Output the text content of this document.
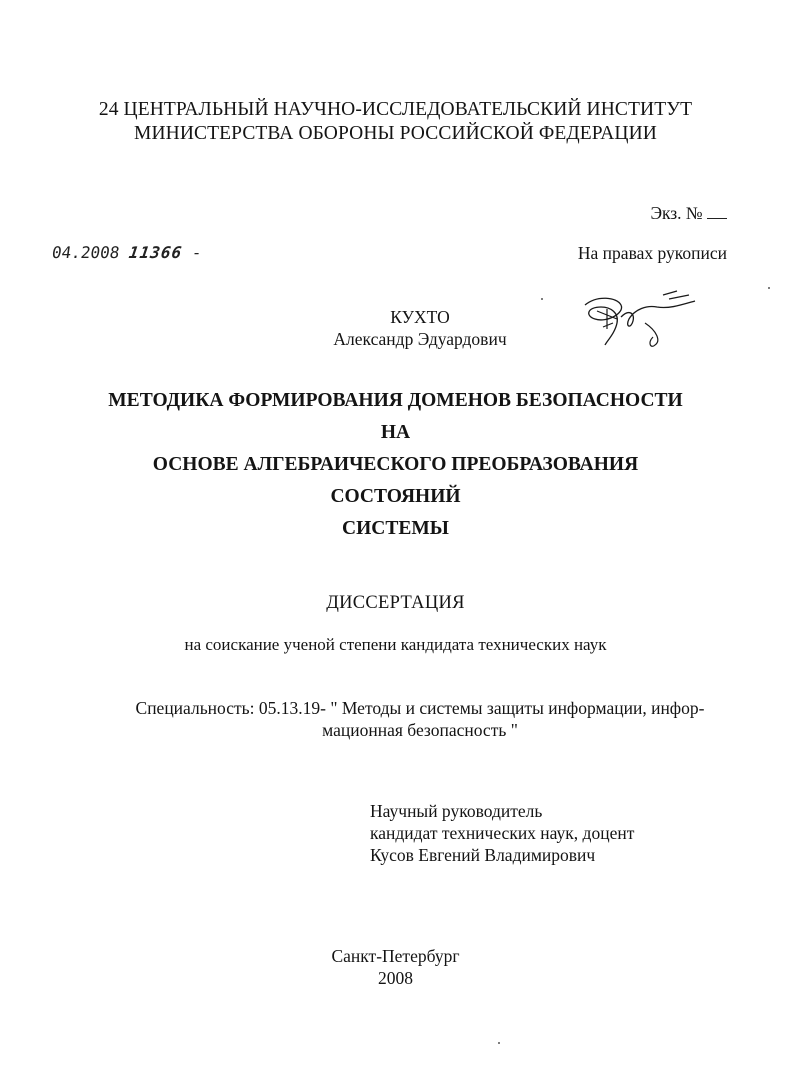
24 ЦЕНТРАЛЬНЫЙ НАУЧНО-ИССЛЕДОВАТЕЛЬСКИЙ ИНСТИТУТ
МИНИСТЕРСТВА ОБОРОНЫ РОССИЙСКОЙ ФЕДЕРАЦИИ
Экз. №
04.2008 11366 -	На правах рукописи
КУХТО
Александр Эдуардович
МЕТОДИКА ФОРМИРОВАНИЯ ДОМЕНОВ БЕЗОПАСНОСТИ НА
ОСНОВЕ АЛГЕБРАИЧЕСКОГО ПРЕОБРАЗОВАНИЯ СОСТОЯНИЙ
СИСТЕМЫ
ДИССЕРТАЦИЯ
на соискание ученой степени кандидата технических наук
Специальность: 05.13.19- " Методы и системы защиты информации, инфор-
мационная безопасность "
Научный руководитель
кандидат технических наук, доцент
Кусов Евгений Владимирович
Санкт-Петербург
2008
